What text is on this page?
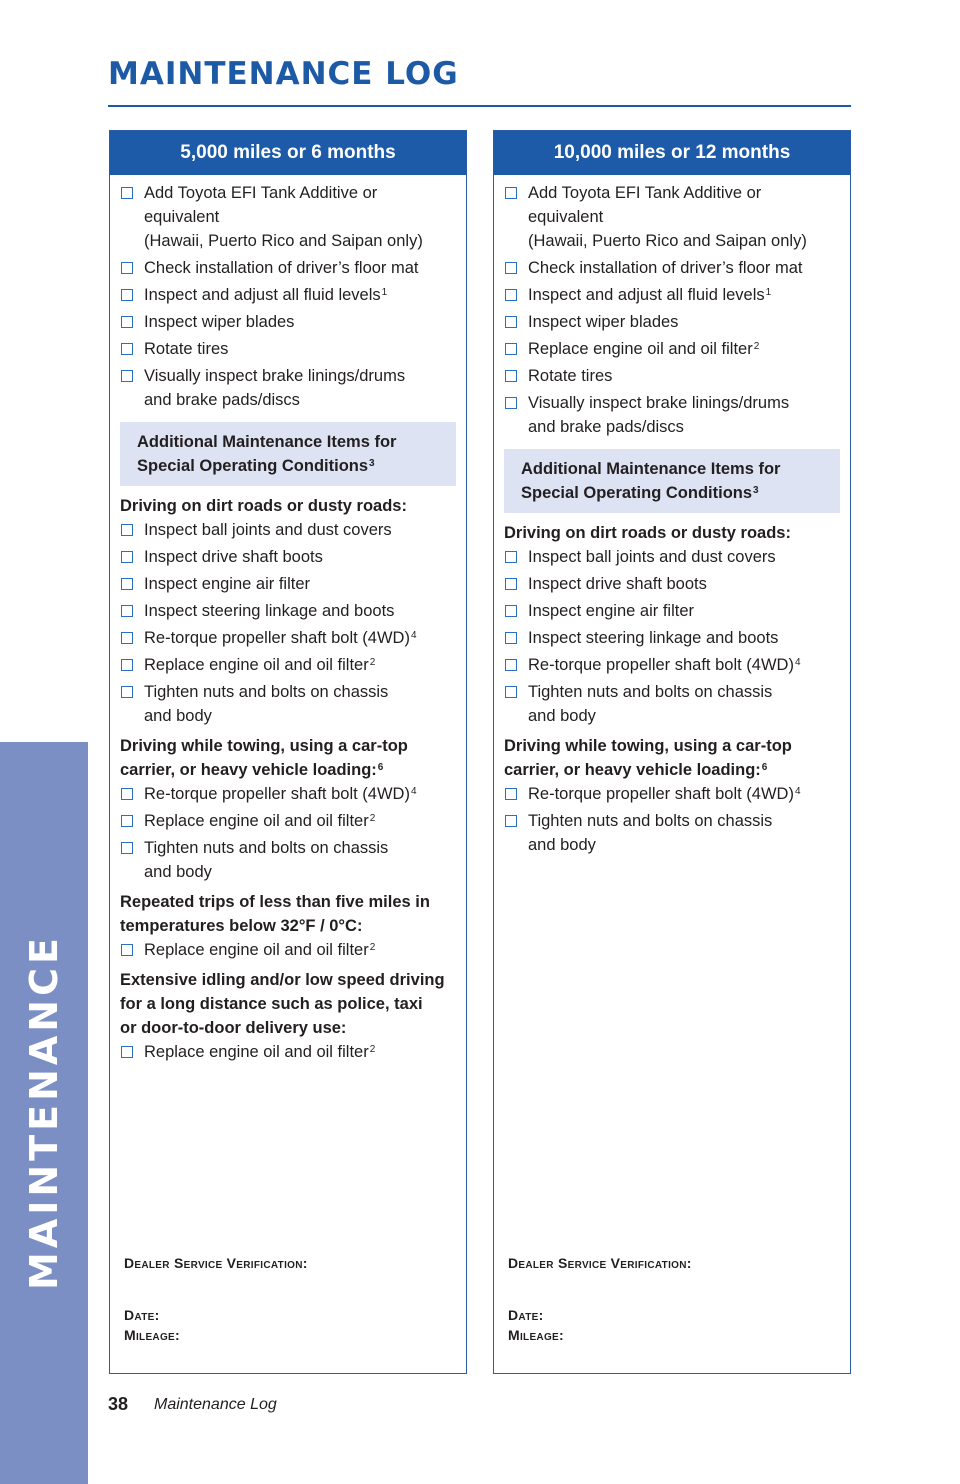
MAINTENANCE
MAINTENANCE LOG
5,000 miles or 6 months
Add Toyota EFI Tank Additive or equivalent
(Hawaii, Puerto Rico and Saipan only)
Check installation of driver’s floor mat
Inspect and adjust all fluid levels$^1$
Inspect wiper blades
Rotate tires
Visually inspect brake linings/drums
and brake pads/discs
Additional Maintenance Items for
Special Operating Conditions$^3$
Driving on dirt roads or dusty roads:
Inspect ball joints and dust covers
Inspect drive shaft boots
Inspect engine air filter
Inspect steering linkage and boots
Re-torque propeller shaft bolt $(4WD)^4$
Replace engine oil and oil filter$^2$
Tighten nuts and bolts on chassis
and body
Driving while towing, using a car-top
carrier, or heavy vehicle loading:$^6$
Re-torque propeller shaft bolt $(4WD)^4$
Replace engine oil and oil filter$^2$
Tighten nuts and bolts on chassis
and body
Repeated trips of less than five miles in
temperatures below 32°F / 0°C:
Replace engine oil and oil filter$^2$
Extensive idling and/or low speed driving
for a long distance such as police, taxi
or door-to-door delivery use:
Replace engine oil and oil filter$^2$
Dealer Service Verification:
Date:
Mileage:
10,000 miles or 12 months
Add Toyota EFI Tank Additive or equivalent
(Hawaii, Puerto Rico and Saipan only)
Check installation of driver’s floor mat
Inspect and adjust all fluid levels$^1$
Inspect wiper blades
Replace engine oil and oil filter$^2$
Rotate tires
Visually inspect brake linings/drums
and brake pads/discs
Additional Maintenance Items for
Special Operating Conditions$^3$
Driving on dirt roads or dusty roads:
Inspect ball joints and dust covers
Inspect drive shaft boots
Inspect engine air filter
Inspect steering linkage and boots
Re-torque propeller shaft bolt $(4WD)^4$
Tighten nuts and bolts on chassis
and body
Driving while towing, using a car-top
carrier, or heavy vehicle loading:$^6$
Re-torque propeller shaft bolt $(4WD)^4$
Tighten nuts and bolts on chassis
and body
Dealer Service Verification:
Date:
Mileage:
38 Maintenance Log
